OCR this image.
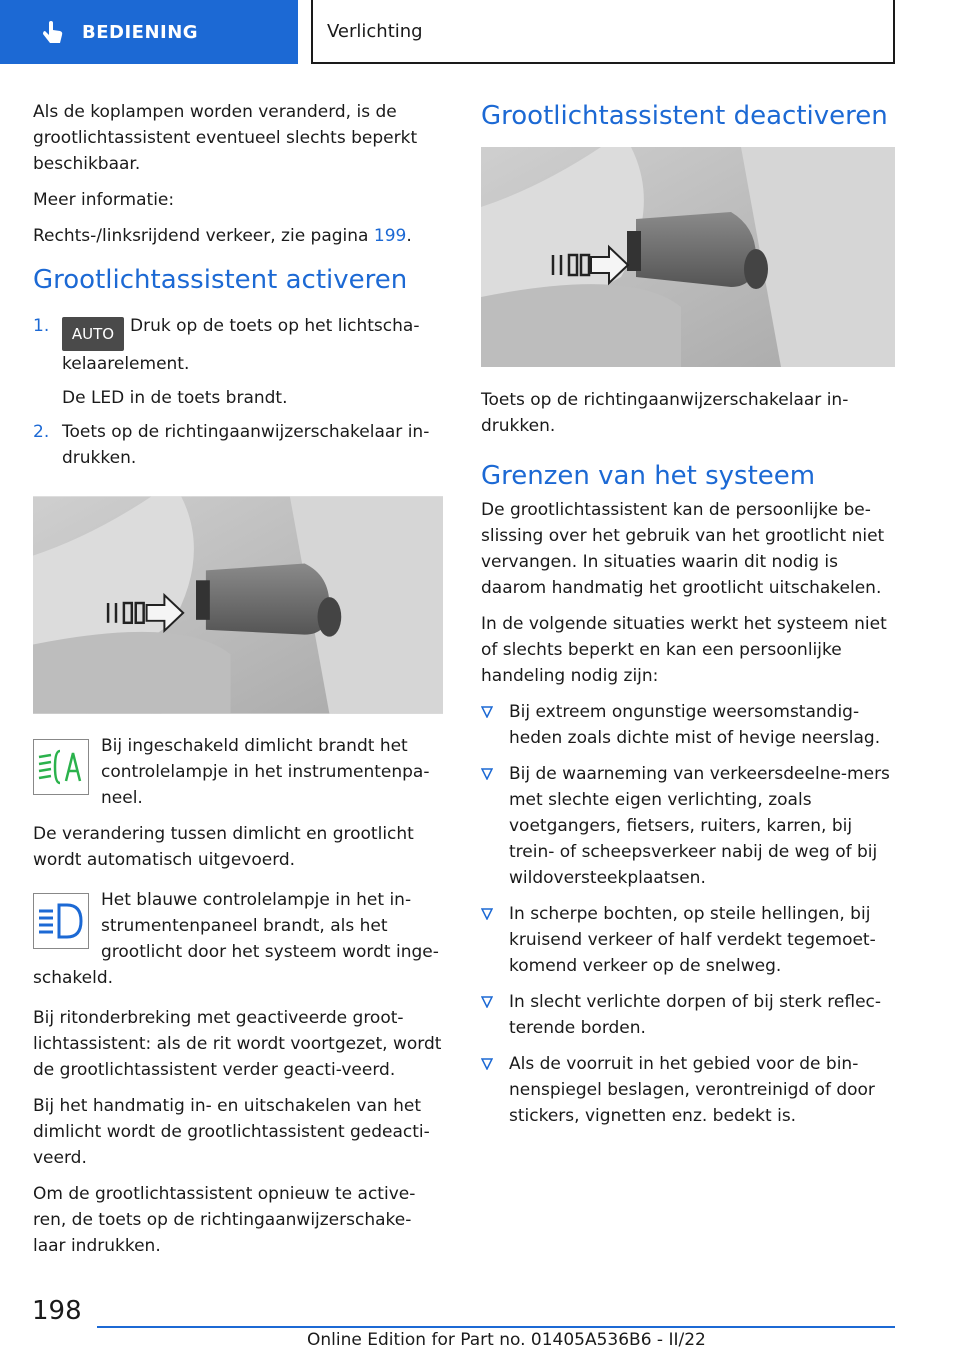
BEDIENING	Verlichting

Als de koplampen worden veranderd, is de grootlichtassistent eventueel slechts beperkt beschikbaar.

Meer informatie:

Rechts-/linksrijdend verkeer, zie pagina 199.

Grootlichtassistent activeren
1. AUTO Druk op de toets op het lichtscha-kelaarelement.
De LED in de toets brandt.
2. Toets op de richtingaanwijzerschakelaar in-drukken.
Bij ingeschakeld dimlicht brandt het controlelampje in het instrumentenpa-neel.

De verandering tussen dimlicht en grootlicht wordt automatisch uitgevoerd.

Het blauwe controlelampje in het in-strumentenpaneel brandt, als het grootlicht door het systeem wordt inge-schakeld.

Bij ritonderbreking met geactiveerde groot-lichtassistent: als de rit wordt voortgezet, wordt de grootlichtassistent verder geacti-veerd.

Bij het handmatig in- en uitschakelen van het dimlicht wordt de grootlichtassistent gedeacti-veerd.

Om de grootlichtassistent opnieuw te active-ren, de toets op de richtingaanwijzerschake-laar indrukken.

Grootlichtassistent deactiveren

Toets op de richtingaanwijzerschakelaar in-drukken.

Grenzen van het systeem

De grootlichtassistent kan de persoonlijke be-slissing over het gebruik van het grootlicht niet vervangen. In situaties waarin dit nodig is daarom handmatig het grootlicht uitschakelen.

In de volgende situaties werkt het systeem niet of slechts beperkt en kan een persoonlijke handeling nodig zijn:

Bij extreem ongunstige weersomstandig-heden zoals dichte mist of hevige neerslag.
Bij de waarneming van verkeersdeelne-mers met slechte eigen verlichting, zoals voetgangers, fietsers, ruiters, karren, bij trein- of scheepsverkeer nabij de weg of bij wildoversteekplaatsen.
In scherpe bochten, op steile hellingen, bij kruisend verkeer of half verdekt tegemoet-komend verkeer op de snelweg.
In slecht verlichte dorpen of bij sterk reflec-terende borden.
Als de voorruit in het gebied voor de bin-nenspiegel beslagen, verontreinigd of door stickers, vignetten enz. bedekt is.
198
Online Edition for Part no. 01405A536B6 - II/22
